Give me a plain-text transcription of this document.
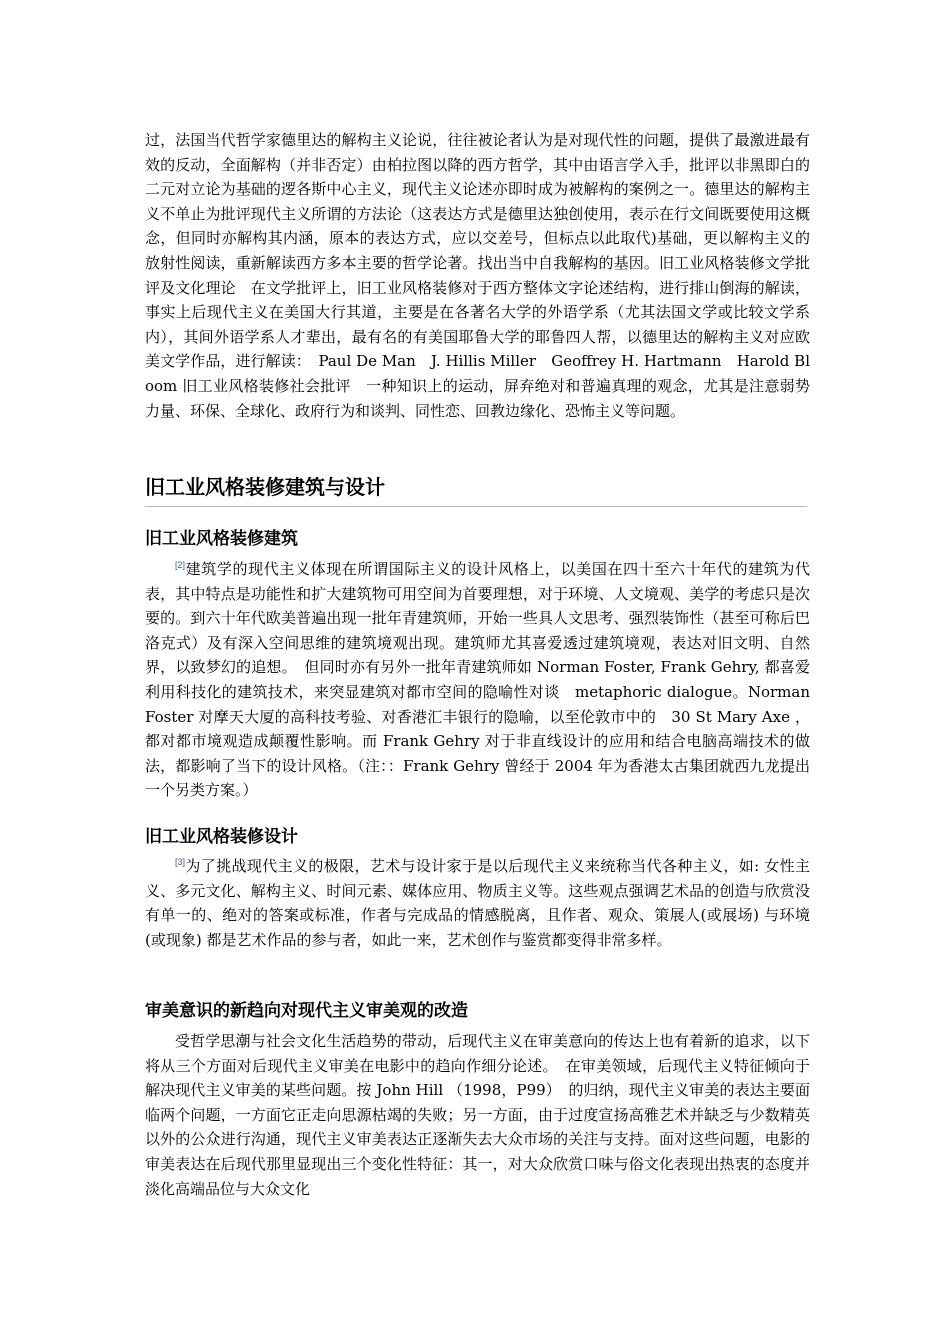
过，法国当代哲学家德里达的解构主义论说，往往被论者认为是对现代性的问题，提供了最激进最有效的反动，全面解构（并非否定）由柏拉图以降的西方哲学，其中由语言学入手，批评以非黑即白的二元对立论为基础的逻各斯中心主义，现代主义论述亦即时成为被解构的案例之一。德里达的解构主义不单止为批评现代主义所谓的方法论（这表达方式是德里达独创使用，表示在行文间既要使用这概念，但同时亦解构其内涵，原本的表达方式，应以交差号，但标点以此取代)基础，更以解构主义的放射性阅读，重新解读西方多本主要的哲学论著。找出当中自我解构的基因。旧工业风格装修文学批评及文化理论　在文学批评上，旧工业风格装修对于西方整体文字论述结构，进行排山倒海的解读，事实上后现代主义在美国大行其道，主要是在各著名大学的外语学系（尤其法国文学或比较文学系内），其间外语学系人才辈出，最有名的有美国耶鲁大学的耶鲁四人帮，以德里达的解构主义对应欧美文学作品，进行解读：　Paul De Man　J. Hillis Miller　Geoffrey H. Hartmann　Harold Bloom 旧工业风格装修社会批评　一种知识上的运动，屏弃绝对和普遍真理的观念，尤其是注意弱势力量、环保、全球化、政府行为和谈判、同性恋、回教边缘化、恐怖主义等问题。

旧工业风格装修建筑与设计
旧工业风格装修建筑

[2]建筑学的现代主义体现在所谓国际主义的设计风格上，以美国在四十至六十年代的建筑为代表，其中特点是功能性和扩大建筑物可用空间为首要理想，对于环境、人文境观、美学的考虑只是次要的。到六十年代欧美普遍出现一批年青建筑师，开始一些具人文思考、强烈装饰性（甚至可称后巴洛克式）及有深入空间思维的建筑境观出现。建筑师尤其喜爱透过建筑境观，表达对旧文明、自然界，以致梦幻的追想。　但同时亦有另外一批年青建筑师如 Norman Foster, Frank Gehry, 都喜爱利用科技化的建筑技术，来突显建筑对都市空间的隐喻性对谈　metaphoric dialogue。Norman Foster 对摩天大厦的高科技考验、对香港汇丰银行的隐喻，以至伦敦市中的　30 St Mary Axe ，都对都市境观造成颠覆性影响。而 Frank Gehry 对于非直线设计的应用和结合电脑高端技术的做法，都影响了当下的设计风格。（注：：Frank Gehry 曾经于 2004 年为香港太古集团就西九龙提出一个另类方案。）

旧工业风格装修设计

[3]为了挑战现代主义的极限，艺术与设计家于是以后现代主义来统称当代各种主义，如: 女性主义、多元文化、解构主义、时间元素、媒体应用、物质主义等。这些观点强调艺术品的创造与欣赏没有单一的、绝对的答案或标准，作者与完成品的情感脱离，且作者、观众、策展人(或展场) 与环境(或现象) 都是艺术作品的参与者，如此一来，艺术创作与鉴赏都变得非常多样。

审美意识的新趋向对现代主义审美观的改造

受哲学思潮与社会文化生活趋势的带动，后现代主义在审美意向的传达上也有着新的追求，以下将从三个方面对后现代主义审美在电影中的趋向作细分论述。　在审美领域，后现代主义特征倾向于解决现代主义审美的某些问题。按 John Hill （1998，P99）　的归纳，现代主义审美的表达主要面临两个问题，一方面它正走向思源枯竭的失败；另一方面，由于过度宣扬高雅艺术并缺乏与少数精英以外的公众进行沟通，现代主义审美表达正逐渐失去大众市场的关注与支持。面对这些问题，电影的审美表达在后现代那里显现出三个变化性特征：其一，对大众欣赏口味与俗文化表现出热衷的态度并淡化高端品位与大众文化
